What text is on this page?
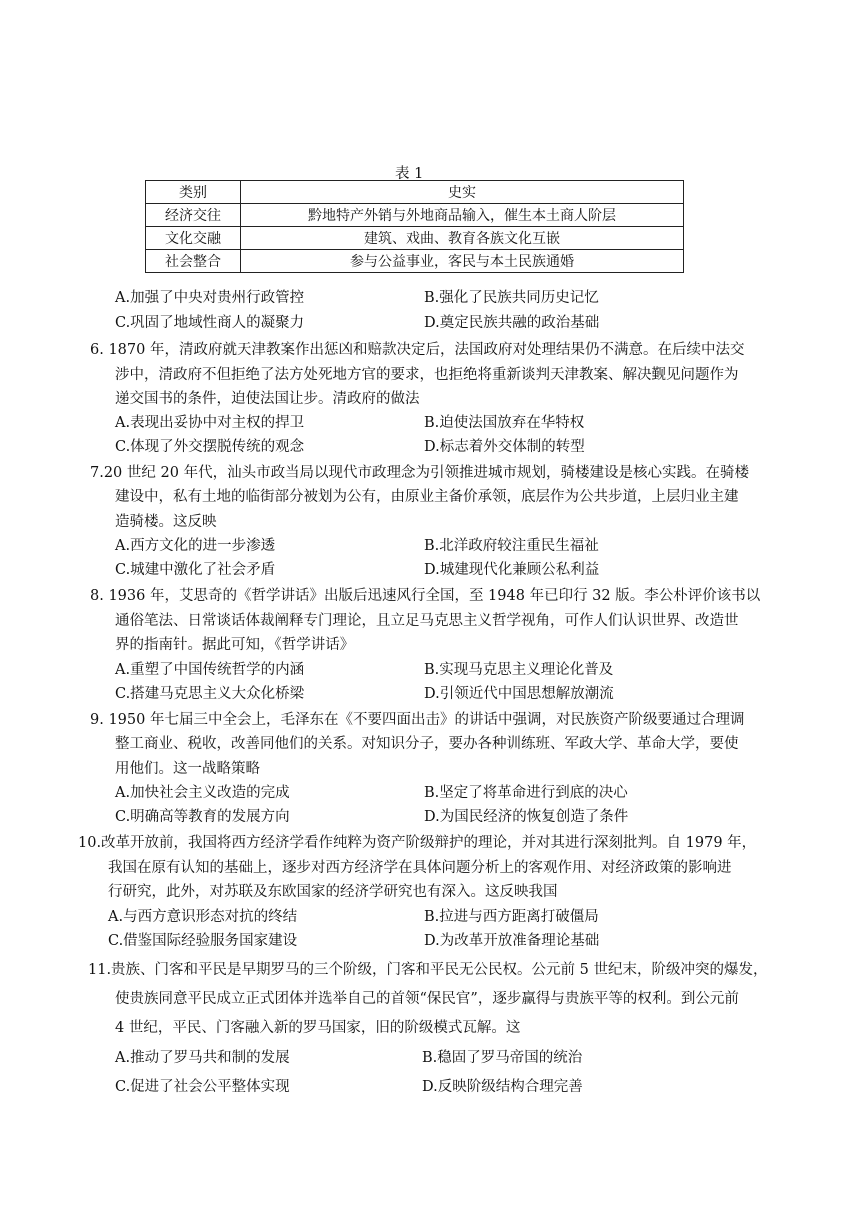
表 1
类别	史实
经济交往	黔地特产外销与外地商品输入，催生本土商人阶层
文化交融	建筑、戏曲、教育各族文化互嵌
社会整合	参与公益事业，客民与本土民族通婚
A.加强了中央对贵州行政管控	B.强化了民族共同历史记忆
C.巩固了地域性商人的凝聚力	D.奠定民族共融的政治基础
6. 1870 年，清政府就天津教案作出惩凶和赔款决定后，法国政府对处理结果仍不满意。在后续中法交
涉中，清政府不但拒绝了法方处死地方官的要求，也拒绝将重新谈判天津教案、解决觐见问题作为
递交国书的条件，迫使法国让步。清政府的做法
A.表现出妥协中对主权的捍卫	B.迫使法国放弃在华特权
C.体现了外交摆脱传统的观念	D.标志着外交体制的转型
7.20 世纪 20 年代，汕头市政当局以现代市政理念为引领推进城市规划，骑楼建设是核心实践。在骑楼
建设中，私有土地的临街部分被划为公有，由原业主备价承领，底层作为公共步道，上层归业主建
造骑楼。这反映
A.西方文化的进一步渗透	B.北洋政府较注重民生福祉
C.城建中激化了社会矛盾	D.城建现代化兼顾公私利益
8. 1936 年，艾思奇的《哲学讲话》出版后迅速风行全国，至 1948 年已印行 32 版。李公朴评价该书以
通俗笔法、日常谈话体裁阐释专门理论，且立足马克思主义哲学视角，可作人们认识世界、改造世
界的指南针。据此可知，《哲学讲话》
A.重塑了中国传统哲学的内涵	B.实现马克思主义理论化普及
C.搭建马克思主义大众化桥梁	D.引领近代中国思想解放潮流
9. 1950 年七届三中全会上，毛泽东在《不要四面出击》的讲话中强调，对民族资产阶级要通过合理调
整工商业、税收，改善同他们的关系。对知识分子，要办各种训练班、军政大学、革命大学，要使
用他们。这一战略策略
A.加快社会主义改造的完成	B.坚定了将革命进行到底的决心
C.明确高等教育的发展方向	D.为国民经济的恢复创造了条件
10.改革开放前，我国将西方经济学看作纯粹为资产阶级辩护的理论，并对其进行深刻批判。自 1979 年，
我国在原有认知的基础上，逐步对西方经济学在具体问题分析上的客观作用、对经济政策的影响进
行研究，此外，对苏联及东欧国家的经济学研究也有深入。这反映我国
A.与西方意识形态对抗的终结	B.拉进与西方距离打破僵局
C.借鉴国际经验服务国家建设	D.为改革开放准备理论基础
11.贵族、门客和平民是早期罗马的三个阶级，门客和平民无公民权。公元前 5 世纪末，阶级冲突的爆发，
使贵族同意平民成立正式团体并选举自己的首领“保民官”，逐步赢得与贵族平等的权利。到公元前
4 世纪，平民、门客融入新的罗马国家，旧的阶级模式瓦解。这
A.推动了罗马共和制的发展	B.稳固了罗马帝国的统治
C.促进了社会公平整体实现	D.反映阶级结构合理完善
